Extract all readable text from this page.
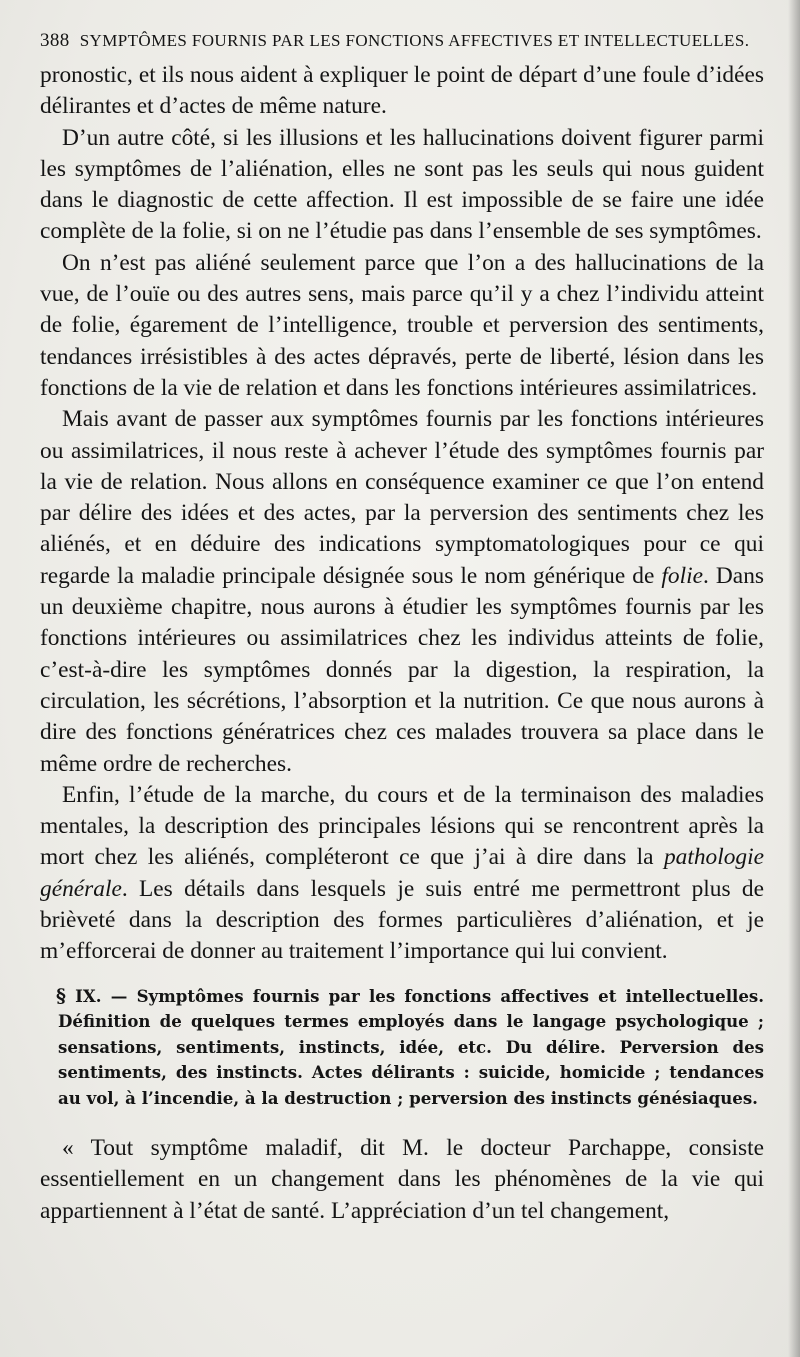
388 SYMPTÔMES FOURNIS PAR LES FONCTIONS AFFECTIVES ET INTELLECTUELLES.

pronostic, et ils nous aident à expliquer le point de départ d’une foule d’idées délirantes et d’actes de même nature.

D’un autre côté, si les illusions et les hallucinations doivent figurer parmi les symptômes de l’aliénation, elles ne sont pas les seuls qui nous guident dans le diagnostic de cette affection. Il est impossible de se faire une idée complète de la folie, si on ne l’étudie pas dans l’ensemble de ses symptômes.

On n’est pas aliéné seulement parce que l’on a des hallucinations de la vue, de l’ouïe ou des autres sens, mais parce qu’il y a chez l’individu atteint de folie, égarement de l’intelligence, trouble et perversion des sentiments, tendances irrésistibles à des actes dépravés, perte de liberté, lésion dans les fonctions de la vie de relation et dans les fonctions intérieures assimilatrices.

Mais avant de passer aux symptômes fournis par les fonctions intérieures ou assimilatrices, il nous reste à achever l’étude des symptômes fournis par la vie de relation. Nous allons en conséquence examiner ce que l’on entend par délire des idées et des actes, par la perversion des sentiments chez les aliénés, et en déduire des indications symptomatologiques pour ce qui regarde la maladie principale désignée sous le nom générique de folie. Dans un deuxième chapitre, nous aurons à étudier les symptômes fournis par les fonctions intérieures ou assimilatrices chez les individus atteints de folie, c’est-à-dire les symptômes donnés par la digestion, la respiration, la circulation, les sécrétions, l’absorption et la nutrition. Ce que nous aurons à dire des fonctions génératrices chez ces malades trouvera sa place dans le même ordre de recherches.

Enfin, l’étude de la marche, du cours et de la terminaison des maladies mentales, la description des principales lésions qui se rencontrent après la mort chez les aliénés, compléteront ce que j’ai à dire dans la pathologie générale. Les détails dans lesquels je suis entré me permettront plus de brièveté dans la description des formes particulières d’aliénation, et je m’efforcerai de donner au traitement l’importance qui lui convient.

§ IX. — Symptômes fournis par les fonctions affectives et intellectuelles. Définition de quelques termes employés dans le langage psychologique ; sensations, sentiments, instincts, idée, etc. Du délire. Perversion des sentiments, des instincts. Actes délirants : suicide, homicide ; tendances au vol, à l’incendie, à la destruction ; perversion des instincts génésiaques.

« Tout symptôme maladif, dit M. le docteur Parchappe, consiste essentiellement en un changement dans les phénomènes de la vie qui appartiennent à l’état de santé. L’appréciation d’un tel changement,
